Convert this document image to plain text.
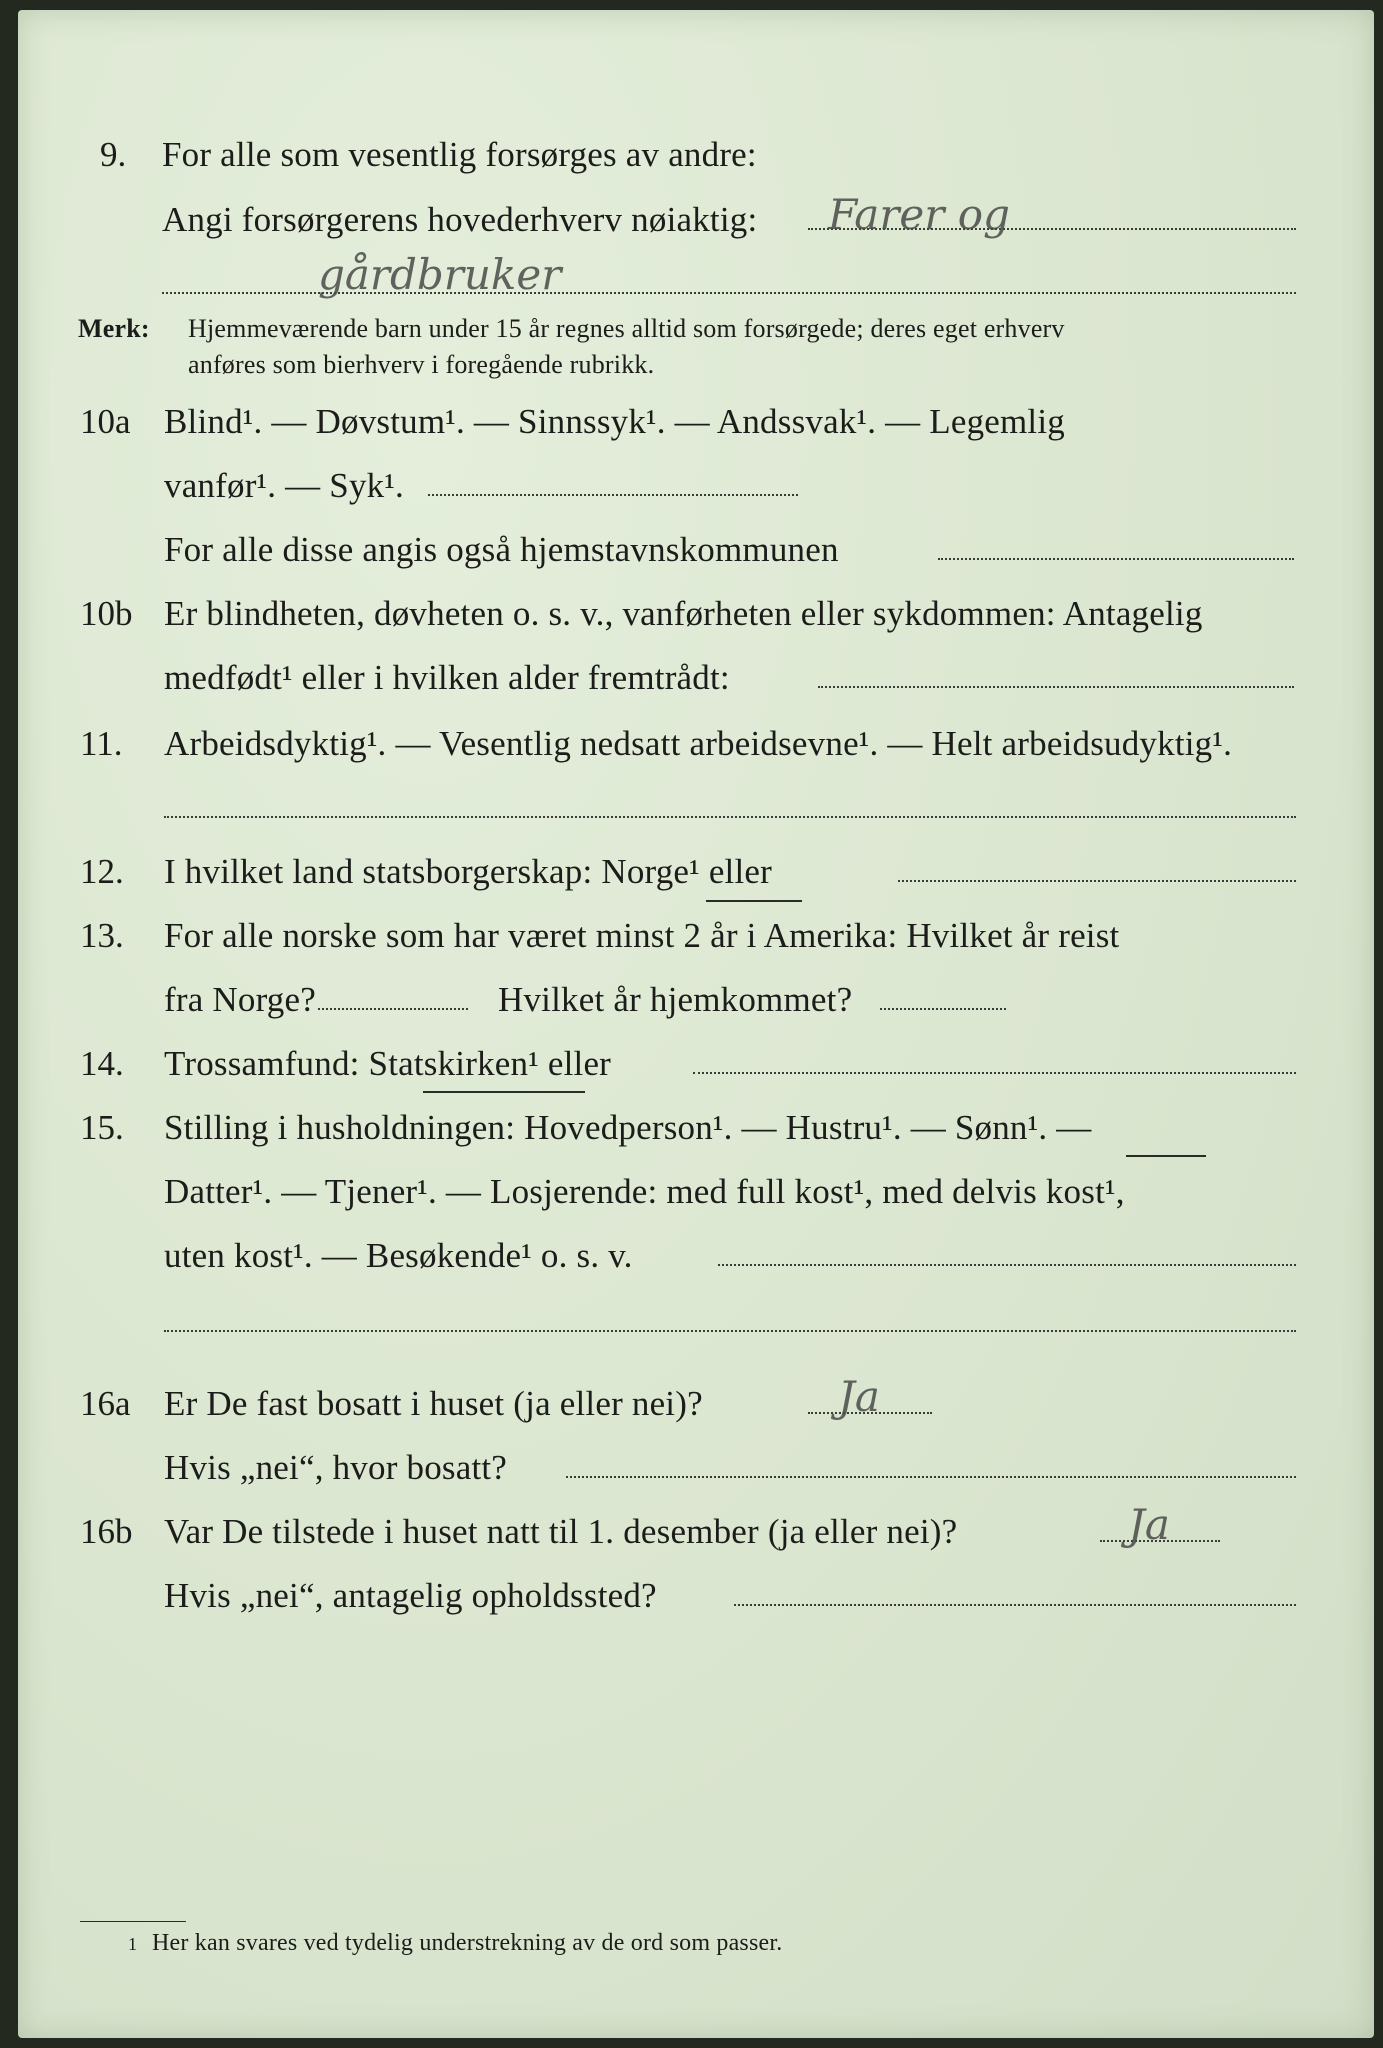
9. For alle som vesentlig forsørges av andre:
Angi forsørgerens hovederhverv nøiaktig: Farer og
gårdbruker
Merk: Hjemmeværende barn under 15 år regnes alltid som forsørgede; deres eget erhverv
anføres som bierhverv i foregående rubrikk.
10a Blind¹. — Døvstum¹. — Sinnssyk¹. — Andssvak¹. — Legemlig
vanfør¹. — Syk¹.
For alle disse angis også hjemstavnskommunen
10b Er blindheten, døvheten o. s. v., vanførheten eller sykdommen: Antagelig
medfødt¹ eller i hvilken alder fremtrådt:
11. Arbeidsdyktig¹. — Vesentlig nedsatt arbeidsevne¹. — Helt arbeidsudyktig¹.
12. I hvilket land statsborgerskap: Norge¹ eller
13. For alle norske som har været minst 2 år i Amerika: Hvilket år reist
fra Norge?	Hvilket år hjemkommet?
14. Trossamfund: Statskirken¹ eller
15. Stilling i husholdningen: Hovedperson¹. — Hustru¹. — Sønn¹. —
Datter¹. — Tjener¹. — Losjerende: med full kost¹, med delvis kost¹,
uten kost¹. — Besøkende¹ o. s. v.
16a Er De fast bosatt i huset (ja eller nei)?	Ja
Hvis „nei“, hvor bosatt?
16b Var De tilstede i huset natt til 1. desember (ja eller nei)?	Ja
Hvis „nei“, antagelig opholdssted?
1 Her kan svares ved tydelig understrekning av de ord som passer.
